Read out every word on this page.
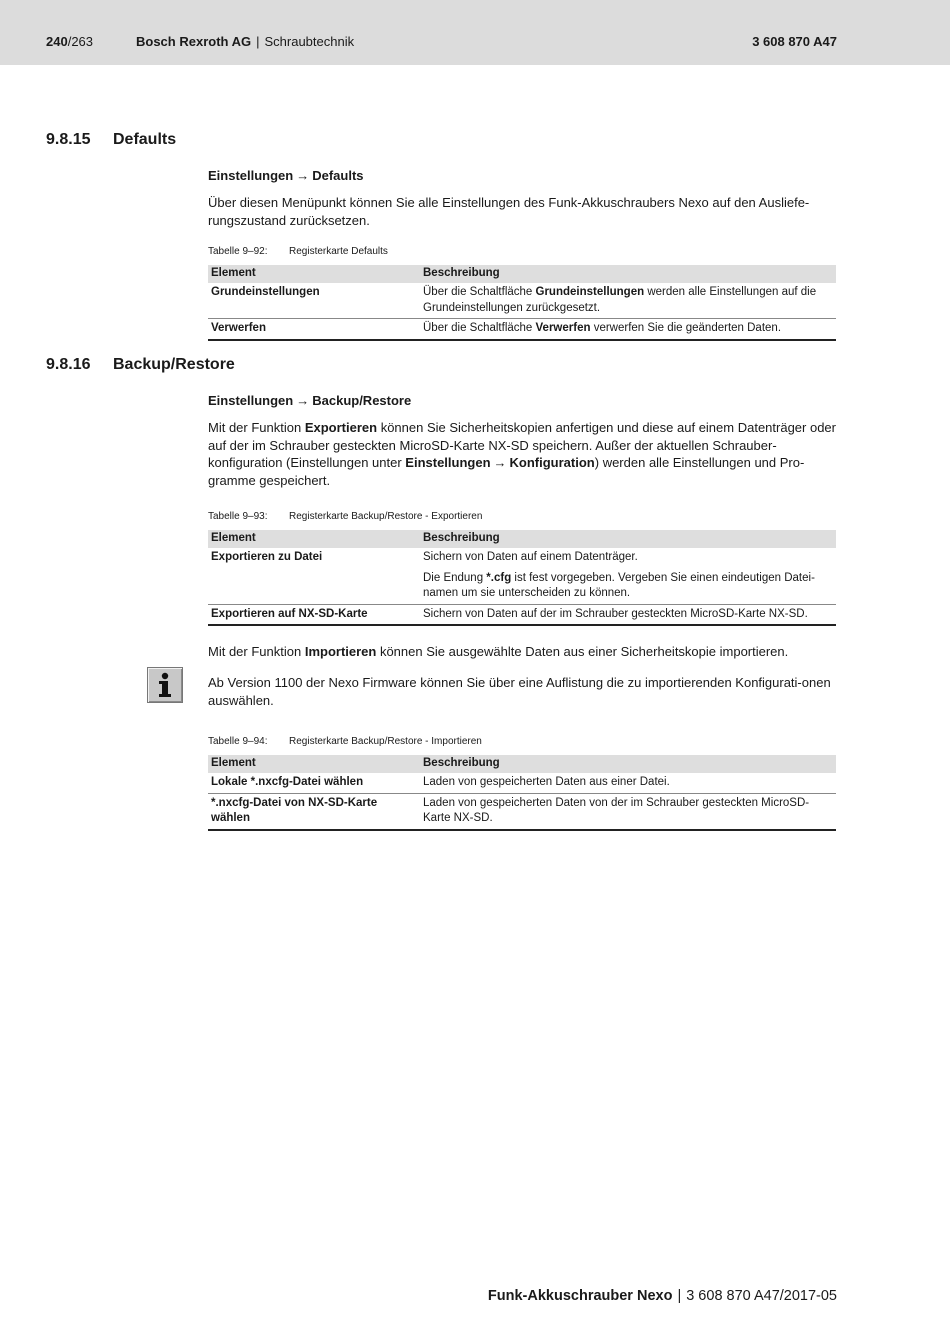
240/263	Bosch Rexroth AG | Schraubtechnik	3 608 870 A47
9.8.15 Defaults
Einstellungen → Defaults

Über diesen Menüpunkt können Sie alle Einstellungen des Funk-Akkuschraubers Nexo auf den Ausliefe-rungszustand zurücksetzen.

Tabelle 9–92: Registerkarte Defaults
Element	Beschreibung
Grundeinstellungen	Über die Schaltfläche Grundeinstellungen werden alle Einstellungen auf die Grundeinstellungen zurückgesetzt.
Verwerfen	Über die Schaltfläche Verwerfen verwerfen Sie die geänderten Daten.
9.8.16 Backup/Restore
Einstellungen → Backup/Restore

Mit der Funktion Exportieren können Sie Sicherheitskopien anfertigen und diese auf einem Datenträger oder auf der im Schrauber gesteckten MicroSD-Karte NX-SD speichern. Außer der aktuellen Schrauber-konfiguration (Einstellungen unter Einstellungen → Konfiguration) werden alle Einstellungen und Pro-gramme gespeichert.

Tabelle 9–93: Registerkarte Backup/Restore - Exportieren
Element	Beschreibung
Exportieren zu Datei	Sichern von Daten auf einem Datenträger.
Die Endung *.cfg ist fest vorgegeben. Vergeben Sie einen eindeutigen Datei-namen um sie unterscheiden zu können.

Exportieren auf NX-SD-Karte	Sichern von Daten auf der im Schrauber gesteckten MicroSD-Karte NX-SD.

Mit der Funktion Importieren können Sie ausgewählte Daten aus einer Sicherheitskopie importieren.

Ab Version 1100 der Nexo Firmware können Sie über eine Auflistung die zu importierenden Konfigurati-onen auswählen.

Tabelle 9–94: Registerkarte Backup/Restore - Importieren
Element	Beschreibung
Lokale *.nxcfg-Datei wählen	Laden von gespeicherten Daten aus einer Datei.
*.nxcfg-Datei von NX-SD-Karte wählen	Laden von gespeicherten Daten von der im Schrauber gesteckten MicroSD-Karte NX-SD.
Funk-Akkuschrauber Nexo | 3 608 870 A47/2017-05
